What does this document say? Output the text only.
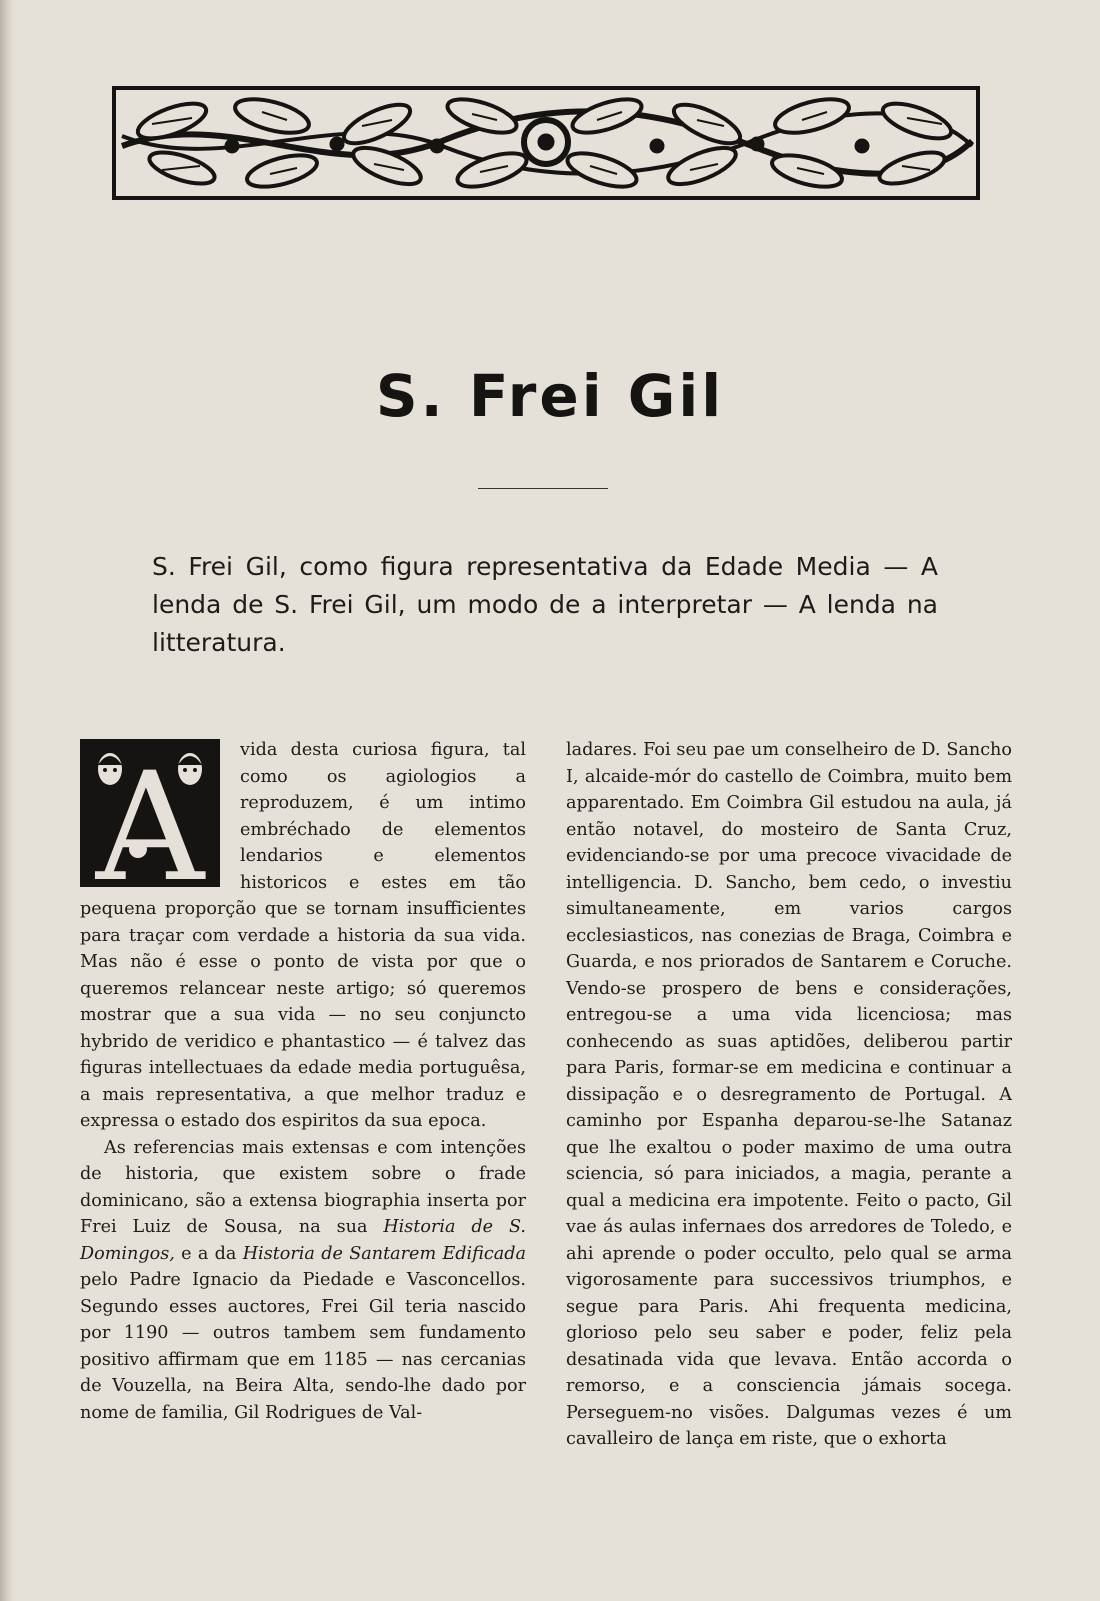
S. Frei Gil

S. Frei Gil, como figura representativa da Edade Media — A lenda de S. Frei Gil, um modo de a interpretar — A lenda na litteratura.

A	vida desta curiosa figura, tal como os agiologios a reproduzem, é um intimo embréchado de elementos lendarios e elementos historicos e estes em tão pequena proporção que se tornam insufficientes para traçar com verdade a historia da sua vida. Mas não é esse o ponto de vista por que o queremos relancear neste artigo; só queremos mostrar que a sua vida — no seu conjuncto hybrido de veridico e phantastico — é talvez das figuras intellectuaes da edade media portuguêsa, a mais representativa, a que melhor traduz e expressa o estado dos espiritos da sua epoca.

As referencias mais extensas e com intenções de historia, que existem sobre o frade dominicano, são a extensa biographia inserta por Frei Luiz de Sousa, na sua Historia de S. Domingos, e a da Historia de Santarem Edificada pelo Padre Ignacio da Piedade e Vasconcellos. Segundo esses auctores, Frei Gil teria nascido por 1190 — outros tambem sem fundamento positivo affirmam que em 1185 — nas cercanias de Vouzella, na Beira Alta, sendo-lhe dado por nome de familia, Gil Rodrigues de Val-

ladares. Foi seu pae um conselheiro de D. Sancho I, alcaide-mór do castello de Coimbra, muito bem apparentado. Em Coimbra Gil estudou na aula, já então notavel, do mosteiro de Santa Cruz, evidenciando-se por uma precoce vivacidade de intelligencia. D. Sancho, bem cedo, o investiu simultaneamente, em varios cargos ecclesiasticos, nas conezias de Braga, Coimbra e Guarda, e nos priorados de Santarem e Coruche. Vendo-se prospero de bens e considerações, entregou-se a uma vida licenciosa; mas conhecendo as suas aptidões, deliberou partir para Paris, formar-se em medicina e continuar a dissipação e o desregramento de Portugal. A caminho por Espanha deparou-se-lhe Satanaz que lhe exaltou o poder maximo de uma outra sciencia, só para iniciados, a magia, perante a qual a medicina era impotente. Feito o pacto, Gil vae ás aulas infernaes dos arredores de Toledo, e ahi aprende o poder occulto, pelo qual se arma vigorosamente para successivos triumphos, e segue para Paris. Ahi frequenta medicina, glorioso pelo seu saber e poder, feliz pela desatinada vida que levava. Então accorda o remorso, e a consciencia jámais socega. Perseguem-no visões. Dalgumas vezes é um cavalleiro de lança em riste, que o exhorta
